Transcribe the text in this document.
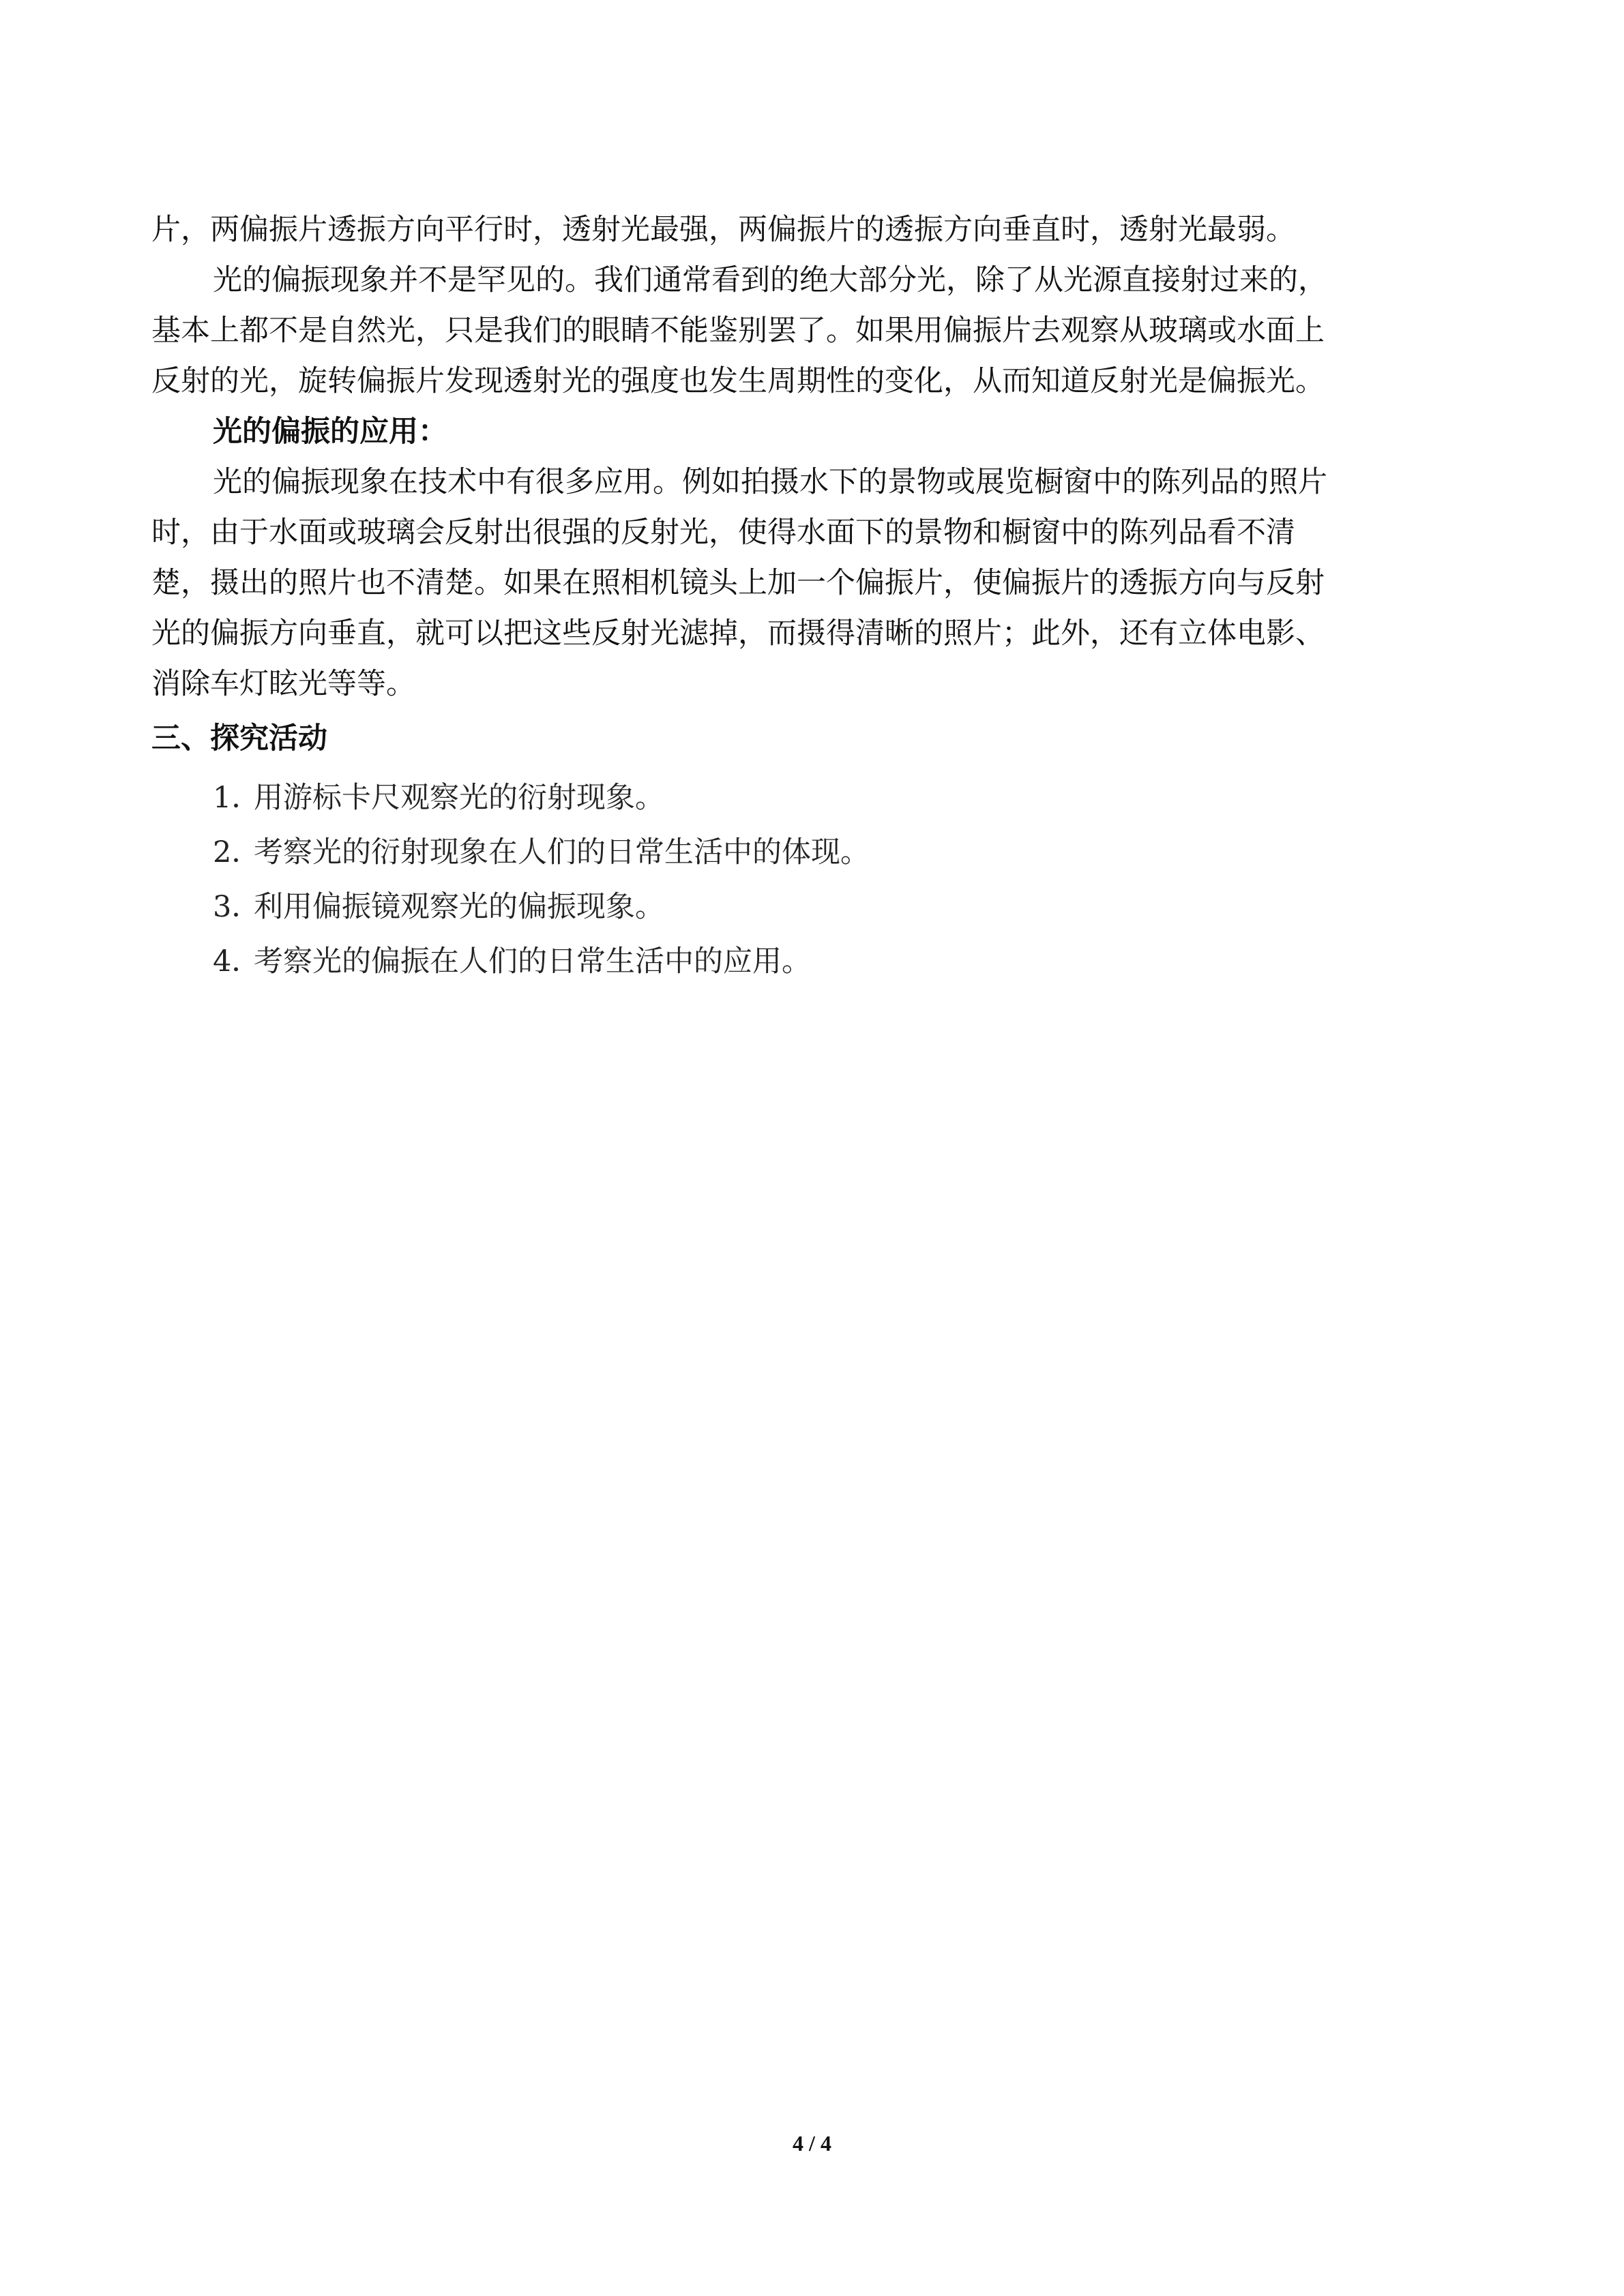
片，两偏振片透振方向平行时，透射光最强，两偏振片的透振方向垂直时，透射光最弱。
光的偏振现象并不是罕见的。我们通常看到的绝大部分光，除了从光源直接射过来的，
基本上都不是自然光，只是我们的眼睛不能鉴别罢了。如果用偏振片去观察从玻璃或水面上
反射的光，旋转偏振片发现透射光的强度也发生周期性的变化，从而知道反射光是偏振光。
光的偏振的应用：
光的偏振现象在技术中有很多应用。例如拍摄水下的景物或展览橱窗中的陈列品的照片
时，由于水面或玻璃会反射出很强的反射光，使得水面下的景物和橱窗中的陈列品看不清
楚，摄出的照片也不清楚。如果在照相机镜头上加一个偏振片，使偏振片的透振方向与反射
光的偏振方向垂直，就可以把这些反射光滤掉，而摄得清晰的照片；此外，还有立体电影、
消除车灯眩光等等。
三、探究活动
1．用游标卡尺观察光的衍射现象。
2．考察光的衍射现象在人们的日常生活中的体现。
3．利用偏振镜观察光的偏振现象。
4．考察光的偏振在人们的日常生活中的应用。
4 / 4
